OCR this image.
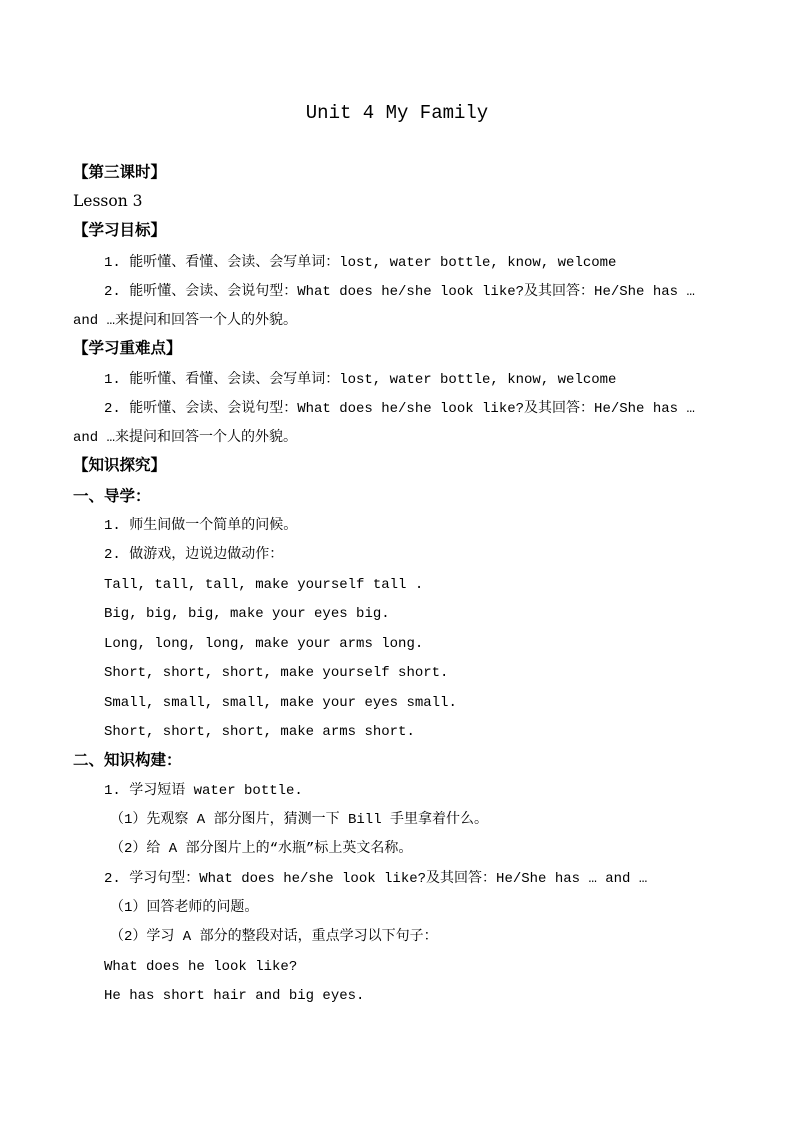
Unit 4 My Family
【第三课时】
Lesson 3
【学习目标】
1. 能听懂、看懂、会读、会写单词：lost, water bottle, know, welcome
2. 能听懂、会读、会说句型：What does he/she look like?及其回答：He/She has …
and …来提问和回答一个人的外貌。
【学习重难点】
1. 能听懂、看懂、会读、会写单词：lost, water bottle, know, welcome
2. 能听懂、会读、会说句型：What does he/she look like?及其回答：He/She has …
and …来提问和回答一个人的外貌。
【知识探究】
一、导学：
1. 师生间做一个简单的问候。
2. 做游戏，边说边做动作：
Tall, tall, tall, make yourself tall .
Big, big, big, make your eyes big.
Long, long, long, make your arms long.
Short, short, short, make yourself short.
Small, small, small, make your eyes small.
Short, short, short, make arms short.
二、知识构建：
1. 学习短语 water bottle.
（1）先观察 A 部分图片，猜测一下 Bill 手里拿着什么。
（2）给 A 部分图片上的“水瓶”标上英文名称。
2. 学习句型：What does he/she look like?及其回答：He/She has … and …
（1）回答老师的问题。
（2）学习 A 部分的整段对话，重点学习以下句子：
What does he look like?
He has short hair and big eyes.
